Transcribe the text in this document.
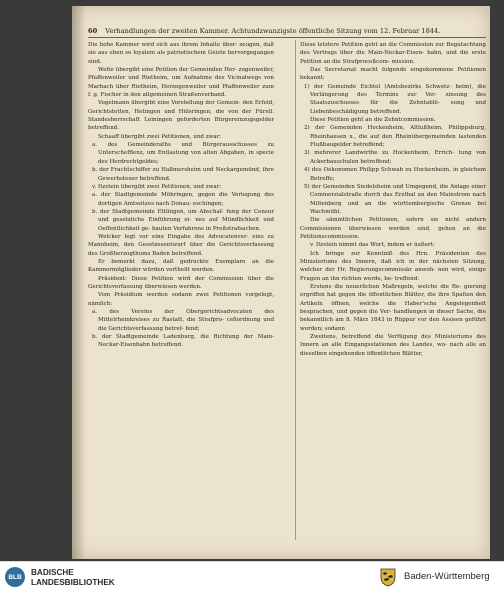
60 Verhandlungen der zweiten Kammer. Achtundzwanzigste öffentliche Sitzung vom 12. Februar 1844.

Die hohe Kammer wird sich aus ihrem Inhalte über- zeugen, daß sie aus eben so loyalem als patriotischem Geiste hervorgegangen sind.

Welte übergibt eine Petition der Gemeinden Her- zogenweiler, Pfaffenweiler und Rietheim, um Aufnahme des Vicinalwegs von Marbach über Rietheim, Herzogenweiler und Pfaffenweiler zum f. g. Fischer in den allgemeinen Straßenverband.

Vogelmann übergibt eine Vorstellung der Gemein- den Erfeld, Gerichtstetten, Hetingen und Hülsringen, die von der Fürstl. Standesherrschaft Leiningen geforderten Bürgereinzugsgelder betreffend.

Schaaff übergibt zwei Petitionen, und zwar:

a. des Gemeinderaths und Bürgerausschusses zu Unterschefflenz, um Entlastung von alten Abgaben, in specie des Herdrechtgeldes;

b. der Frachtschiffer zu Haßmersheim und Neckargemünd, ihre Gewerbsteuer betreffend.

v. Itzstein übergibt zwei Petitionen, und zwar:

a. der Stadtgemeinde Möhringen, gegen die Verlegung des dortigen Amtssitzes nach Donau- eschingen;

b. der Stadtgemeinde Ettlingen, um Abschaf- fung der Censur und gesetzliche Einführung ei- nes auf Mündlichkeit und Oeffentlichkeit ge- bauten Verfahrens in Preßstrafsachen.

Welcker legt vor eine Eingabe des Advocatenver- eins zu Mannheim, den Gesetzesentwurf über die Gerichtsverfassung des Großherzogthums Baden betreffend.

Er bemerkt dazu, daß gedruckte Exemplare an die Kammermitglieder würden vertheilt werden.

Präsident: Diese Petition wird der Commission über die Gerichtsverfassung überwiesen werden.

Vom Präsidium werden sodann zwei Petitionen vorgelegt, nämlich:

a. des Vereins der Obergerichtsadvocaten des Mittelrheinkreises zu Rastatt, die Strafpro- ceßordnung und die Gerichtsverfassung betref- fend;

b. der Stadtgemeinde Ladenburg, die Richtung der Main-Neckar-Eisenbahn betreffend.

Diese letztere Petition geht an die Commission zur Begutachtung des Vertrags über die Main-Neckar-Eisen- bahn, und die erste Petition an die Strafproceßcom- mission.

Das Secretariat macht folgende eingekommene Petitionen bekannt:

1) der Gemeinde Eichtel (Amtsbezirks Schwetz- heim), die Verlängerung des Termins zur Ver- zinsung des Staatszuschusses für die Zehntablö- sung und Liebenbeschädigung betreffend.

Diese Petition geht an die Zehntcommission.

2) der Gemeinden Hockenheim, Altlußheim, Philippsburg, Rheinhausen x., die auf den Rheinübergemeinden lastenden Flußbaugelder betreffend;

3) mehrerer Landwirthe zu Hockenheim, Errich- tung von Ackerbauschulen betreffend;

4) des Oekonomen Philipp Schwab zu Hockenheim, in gleichem Betreffe;

5) der Gemeinden Siedelsheim und Umgegend, die Anlage einer Commerzialstraße durch das Erzthal an den Mainstrom nach Miltenberg und an die württembergische Grenze bei Wachmühl.

Die sämmtlichen Petitionen, sofern sie nicht andern Commissionen überwiesen werden sind, gehen an die Petitionscommission.

v. Itzstein nimmt das Wort, indem er äußert:

Ich bringe zur Kenntniß des Hrn. Präsidenten des Ministeriums des Innern, daß ich in der nächsten Sitzung, welcher der Hr. Regierungscommissär anwoh- nen wird, einige Fragen an ihn richten werde, be- treffend:

Erstens die neuerlichen Maßregeln, welche die Re- gierung ergriffen hat gegen die öffentlichen Blätter, die ihre Spalten den Artikeln öffnen, welche die Haber'sche Angelegenheit besprachen, und gegen die Ver- handlungen in dieser Sache, die bekanntlich am 8. März 1843 in Rüppur vor den Assisen geführt worden; sodann

Zweitens, betreffend die Verfügung des Ministeriums des Innern an alle Eingangsstationen des Landes, wo- nach alle an dieselben eingehenden öffentlichen Blätter,

BLB	BADISCHE
LANDESBIBLIOTHEK	Baden-Württemberg
